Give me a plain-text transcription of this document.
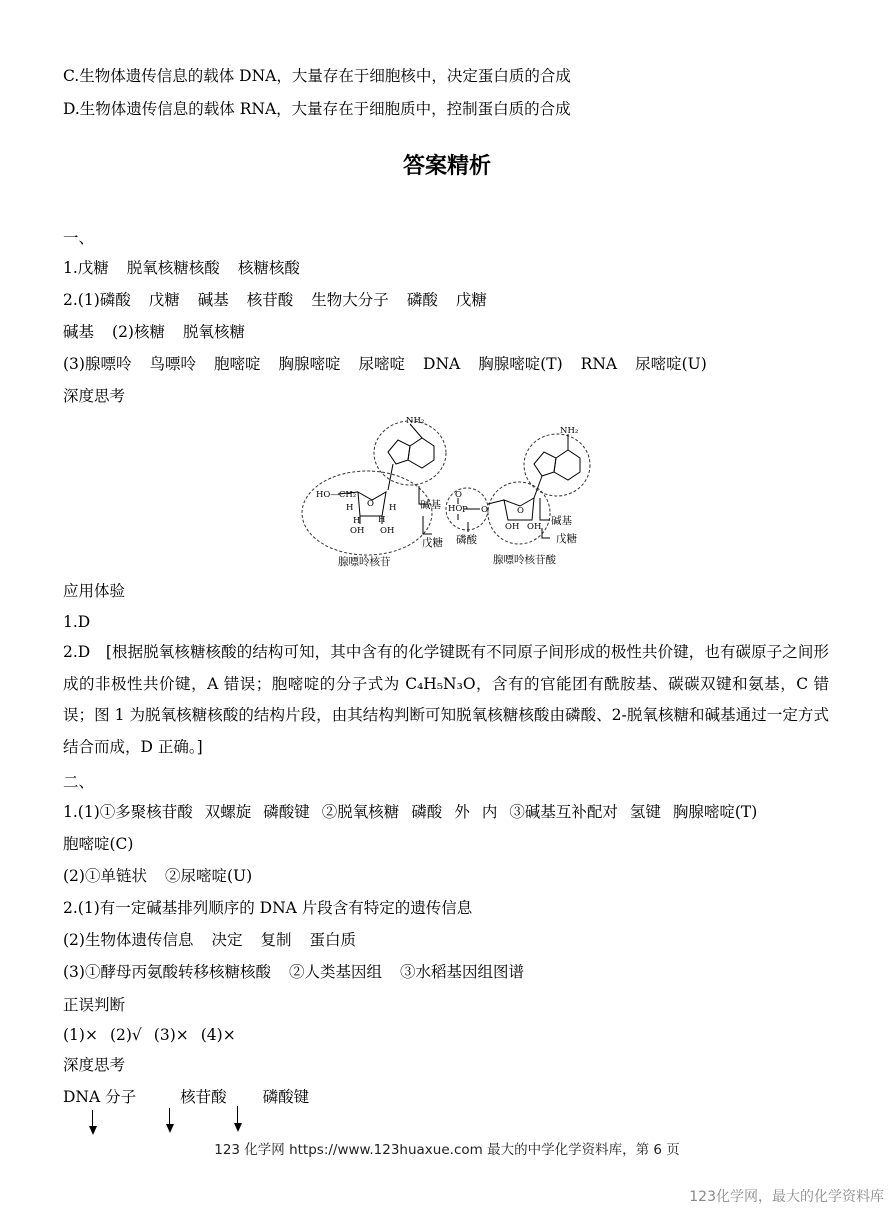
C.生物体遗传信息的载体 DNA，大量存在于细胞核中，决定蛋白质的合成
D.生物体遗传信息的载体 RNA，大量存在于细胞质中，控制蛋白质的合成
答案精析
一、
1.戊糖 脱氧核糖核酸 核糖核酸
2.(1)磷酸 戊糖 碱基 核苷酸 生物大分子 磷酸 戊糖
碱基 (2)核糖 脱氧核糖
(3)腺嘌呤 鸟嘌呤 胞嘧啶 胸腺嘧啶 尿嘧啶 DNA 胸腺嘧啶(T) RNA 尿嘧啶(U)
深度思考
NH₂
NH₂
HO—CH₂
O
H	H
H H
OH OH
HO
O
P O	O
OH OH
碱基
碱基
戊糖	戊糖
磷酸
腺嘌呤核苷	腺嘌呤核苷酸
应用体验
1.D
2.D　[根据脱氧核糖核酸的结构可知，其中含有的化学键既有不同原子间形成的极性共价键，也有碳原子之间形成的非极性共价键，A 错误；胞嘧啶的分子式为 C₄H₅N₃O，含有的官能团有酰胺基、碳碳双键和氨基，C 错误；图 1 为脱氧核糖核酸的结构片段，由其结构判断可知脱氧核糖核酸由磷酸、2-脱氧核糖和碱基通过一定方式结合而成，D 正确。]
二、
1.(1)①多聚核苷酸 双螺旋 磷酸键 ②脱氧核糖 磷酸 外 内 ③碱基互补配对 氢键 胸腺嘧啶(T)
胞嘧啶(C)
(2)①单链状 ②尿嘧啶(U)
2.(1)有一定碱基排列顺序的 DNA 片段含有特定的遗传信息
(2)生物体遗传信息 决定 复制 蛋白质
(3)①酵母丙氨酸转移核糖核酸 ②人类基因组 ③水稻基因组图谱
正误判断
(1)× (2)√ (3)× (4)×
深度思考
DNA 分子	核苷酸 磷酸键
123 化学网 https://www.123huaxue.com 最大的中学化学资料库，第 6 页
123化学网，最大的化学资料库
